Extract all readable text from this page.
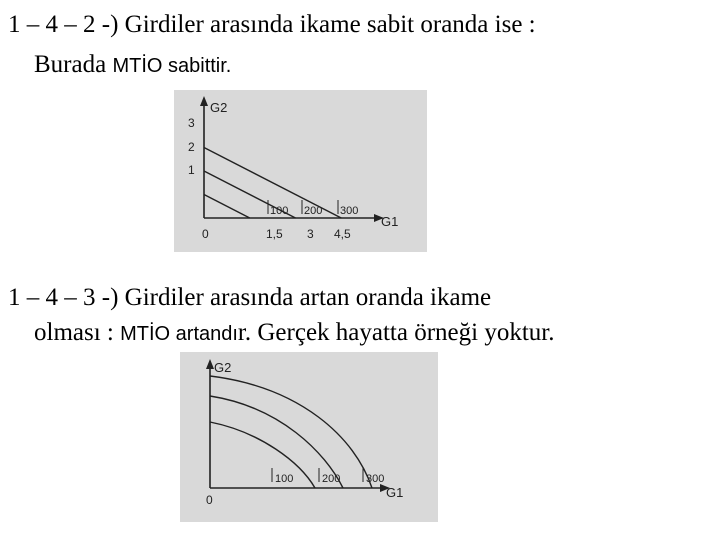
1 – 4 – 2 -) Girdiler arasında ikame sabit oranda ise :
Burada MTİO sabittir.
G2
G1
3
2
1
0	1,5 3 4,5
100 200 300
1 – 4 – 3 -) Girdiler arasında artan oranda ikame
olması : MTİO artandır. Gerçek hayatta örneği yoktur.
G2
G1
0
100	200 300
